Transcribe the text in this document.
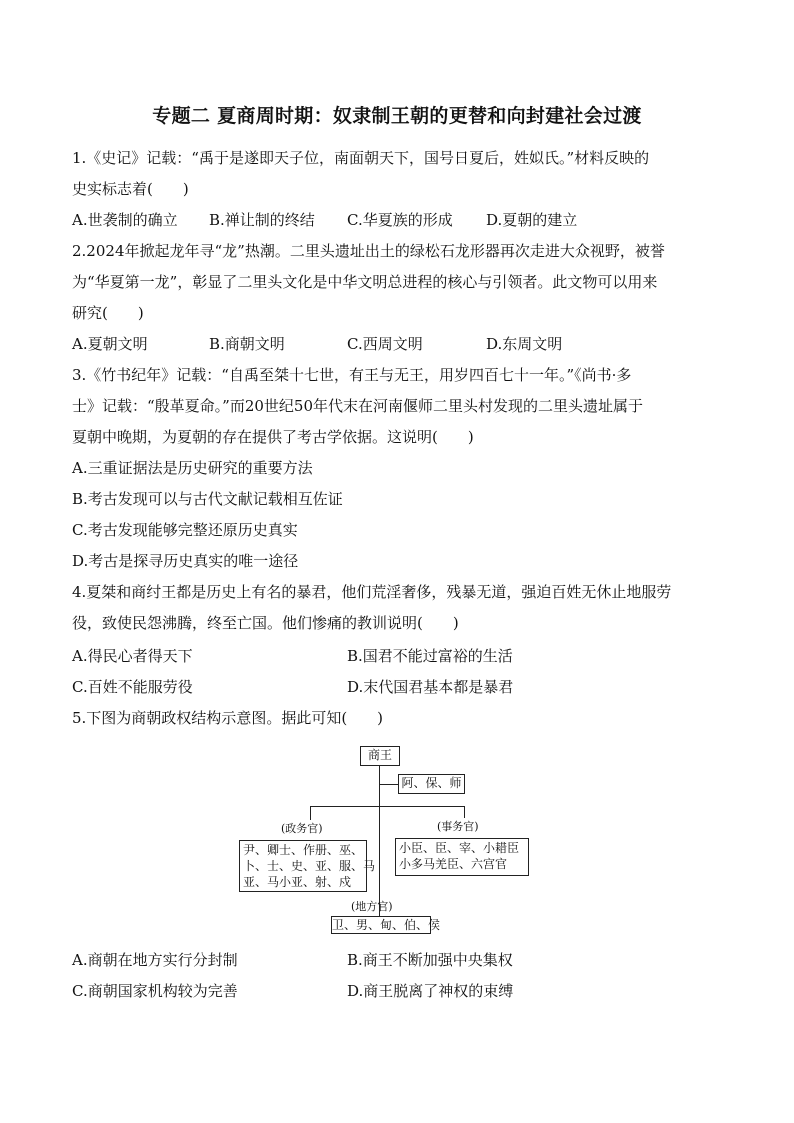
专题二 夏商周时期：奴隶制王朝的更替和向封建社会过渡
1.《史记》记载：“禹于是遂即天子位，南面朝天下，国号日夏后，姓姒氏。”材料反映的
史实标志着(　　)
A.世袭制的确立 B.禅让制的终结 C.华夏族的形成 D.夏朝的建立
2.2024年掀起龙年寻“龙”热潮。二里头遗址出土的绿松石龙形器再次走进大众视野，被誉
为“华夏第一龙”，彰显了二里头文化是中华文明总进程的核心与引领者。此文物可以用来
研究(　　)
A.夏朝文明	B.商朝文明	C.西周文明	D.东周文明
3.《竹书纪年》记载：“自禹至桀十七世，有王与无王，用岁四百七十一年。”《尚书·多
士》记载：“殷革夏命。”而20世纪50年代末在河南偃师二里头村发现的二里头遗址属于
夏朝中晚期，为夏朝的存在提供了考古学依据。这说明(　　)
A.三重证据法是历史研究的重要方法
B.考古发现可以与古代文献记载相互佐证
C.考古发现能够完整还原历史真实
D.考古是探寻历史真实的唯一途径
4.夏桀和商纣王都是历史上有名的暴君，他们荒淫奢侈，残暴无道，强迫百姓无休止地服劳
役，致使民怨沸腾，终至亡国。他们惨痛的教训说明(　　)
A.得民心者得天下	B.国君不能过富裕的生活
C.百姓不能服劳役	D.末代国君基本都是暴君
5.下图为商朝政权结构示意图。据此可知(　　)
商王
阿、保、师
(政务官)
尹、卿士、作册、巫、
卜、士、史、亚、服、马
亚、马小亚、射、戍
(事务官)
小臣、臣、宰、小耤臣
小多马羌臣、六宫官
(地方官)
卫、男、甸、伯、侯
A.商朝在地方实行分封制	B.商王不断加强中央集权
C.商朝国家机构较为完善	D.商王脱离了神权的束缚
